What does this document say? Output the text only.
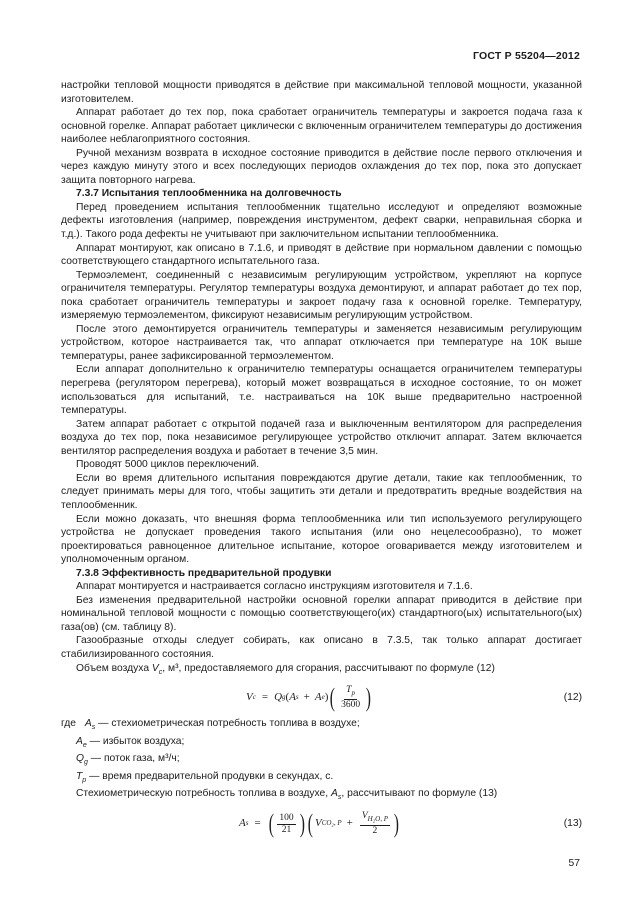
ГОСТ Р 55204—2012

настройки тепловой мощности приводятся в действие при максимальной тепловой мощности, указанной изготовителем.

Аппарат работает до тех пор, пока сработает ограничитель температуры и закроется подача газа к основной горелке. Аппарат работает циклически с включенным ограничителем температуры до достижения наиболее неблагоприятного состояния.

Ручной механизм возврата в исходное состояние приводится в действие после первого отключения и через каждую минуту этого и всех последующих периодов охлаждения до тех пор, пока это допускает защита повторного нагрева.

7.3.7 Испытания теплообменника на долговечность

Перед проведением испытания теплообменник тщательно исследуют и определяют возможные дефекты изготовления (например, повреждения инструментом, дефект сварки, неправильная сборка и т.д.). Такого рода дефекты не учитывают при заключительном испытании теплообменника.

Аппарат монтируют, как описано в 7.1.6, и приводят в действие при нормальном давлении с помощью соответствующего стандартного испытательного газа.

Термоэлемент, соединенный с независимым регулирующим устройством, укрепляют на корпусе ограничителя температуры. Регулятор температуры воздуха демонтируют, и аппарат работает до тех пор, пока сработает ограничитель температуры и закроет подачу газа к основной горелке. Температуру, измеряемую термоэлементом, фиксируют независимым регулирующим устройством.

После этого демонтируется ограничитель температуры и заменяется независимым регулирующим устройством, которое настраивается так, что аппарат отключается при температуре на 10К выше температуры, ранее зафиксированной термоэлементом.

Если аппарат дополнительно к ограничителю температуры оснащается ограничителем температуры перегрева (регулятором перегрева), который может возвращаться в исходное состояние, то он может использоваться для испытаний, т.е. настраиваться на 10К выше предварительно настроенной температуры.

Затем аппарат работает с открытой подачей газа и выключенным вентилятором для распределения воздуха до тех пор, пока независимое регулирующее устройство отключит аппарат. Затем включается вентилятор распределения воздуха и работает в течение 3,5 мин.

Проводят 5000 циклов переключений.

Если во время длительного испытания повреждаются другие детали, такие как теплообменник, то следует принимать меры для того, чтобы защитить эти детали и предотвратить вредные воздействия на теплообменник.

Если можно доказать, что внешняя форма теплообменника или тип используемого регулирующего устройства не допускает проведения такого испытания (или оно нецелесообразно), то может проектироваться равноценное длительное испытание, которое оговаривается между изготовителем и уполномоченным органом.

7.3.8 Эффективность предварительной продувки

Аппарат монтируется и настраивается согласно инструкциям изготовителя и 7.1.6.

Без изменения предварительной настройки основной горелки аппарат приводится в действие при номинальной тепловой мощности с помощью соответствующего(их) стандартного(ых) испытательного(ых) газа(ов) (см. таблицу 8).

Газообразные отходы следует собирать, как описано в 7.3.5, так только аппарат достигает стабилизированного состояния.

Объем воздуха $V_c$, м³, предоставляемого для сгорания, рассчитывают по формуле (12)

V c = Q g ( A s + A e ) ( $\frac{T_p}{3600}$ )	(12)

где $A_s$ — стехиометрическая потребность топлива в воздухе;

$A_e$ — избыток воздуха;

$Q_g$ — поток газа, м³/ч;

$T_p$ — время предварительной продувки в секундах, с.

Стехиометрическую потребность топлива в воздухе, $A_s$, рассчитывают по формуле (13)

A s = ( $\frac{100}{21}$ ) ( V CO₂, $P + \frac{V_{H_2O, P}}{2}$ )	(13)
57
